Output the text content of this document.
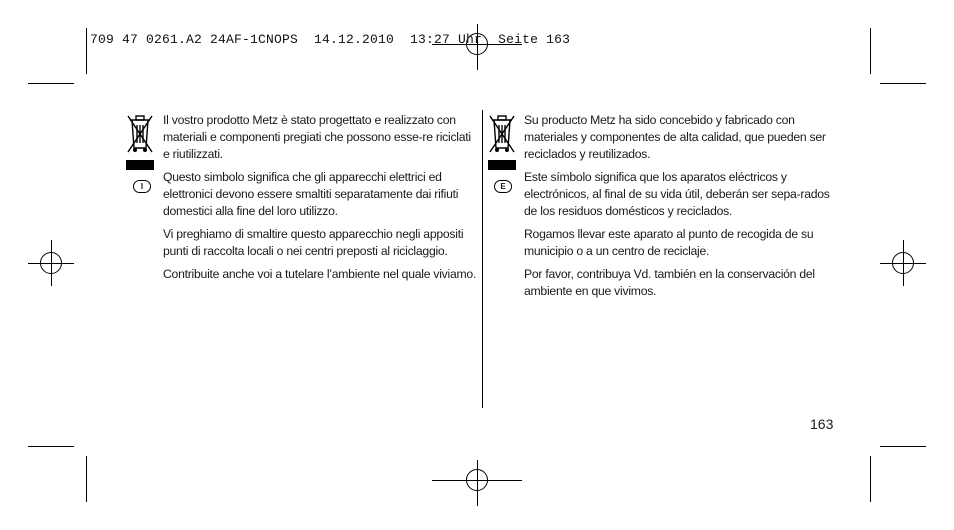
709 47 0261.A2 24AF-1CNOPS  14.12.2010  13:27 Uhr  Seite 163
I

Il vostro prodotto Metz è stato progettato e realizzato con materiali e componenti pregiati che possono esse-re riciclati e riutilizzati.

Questo simbolo significa che gli apparecchi elettrici ed elettronici devono essere smaltiti separatamente dai rifiuti domestici alla fine del loro utilizzo.

Vi preghiamo di smaltire questo apparecchio negli appositi punti di raccolta locali o nei centri preposti al riciclaggio.

Contribuite anche voi a tutelare l’ambiente nel quale viviamo.

E

Su producto Metz ha sido concebido y fabricado con materiales y componentes de alta calidad, que pueden ser reciclados y reutilizados.

Este símbolo significa que los aparatos eléctricos y electrónicos, al final de su vida útil, deberán ser sepa-rados de los residuos domésticos y reciclados.

Rogamos llevar este aparato al punto de recogida de su municipio o a un centro de reciclaje.

Por favor, contribuya Vd. también en la conservación del ambiente en que vivimos.

163
